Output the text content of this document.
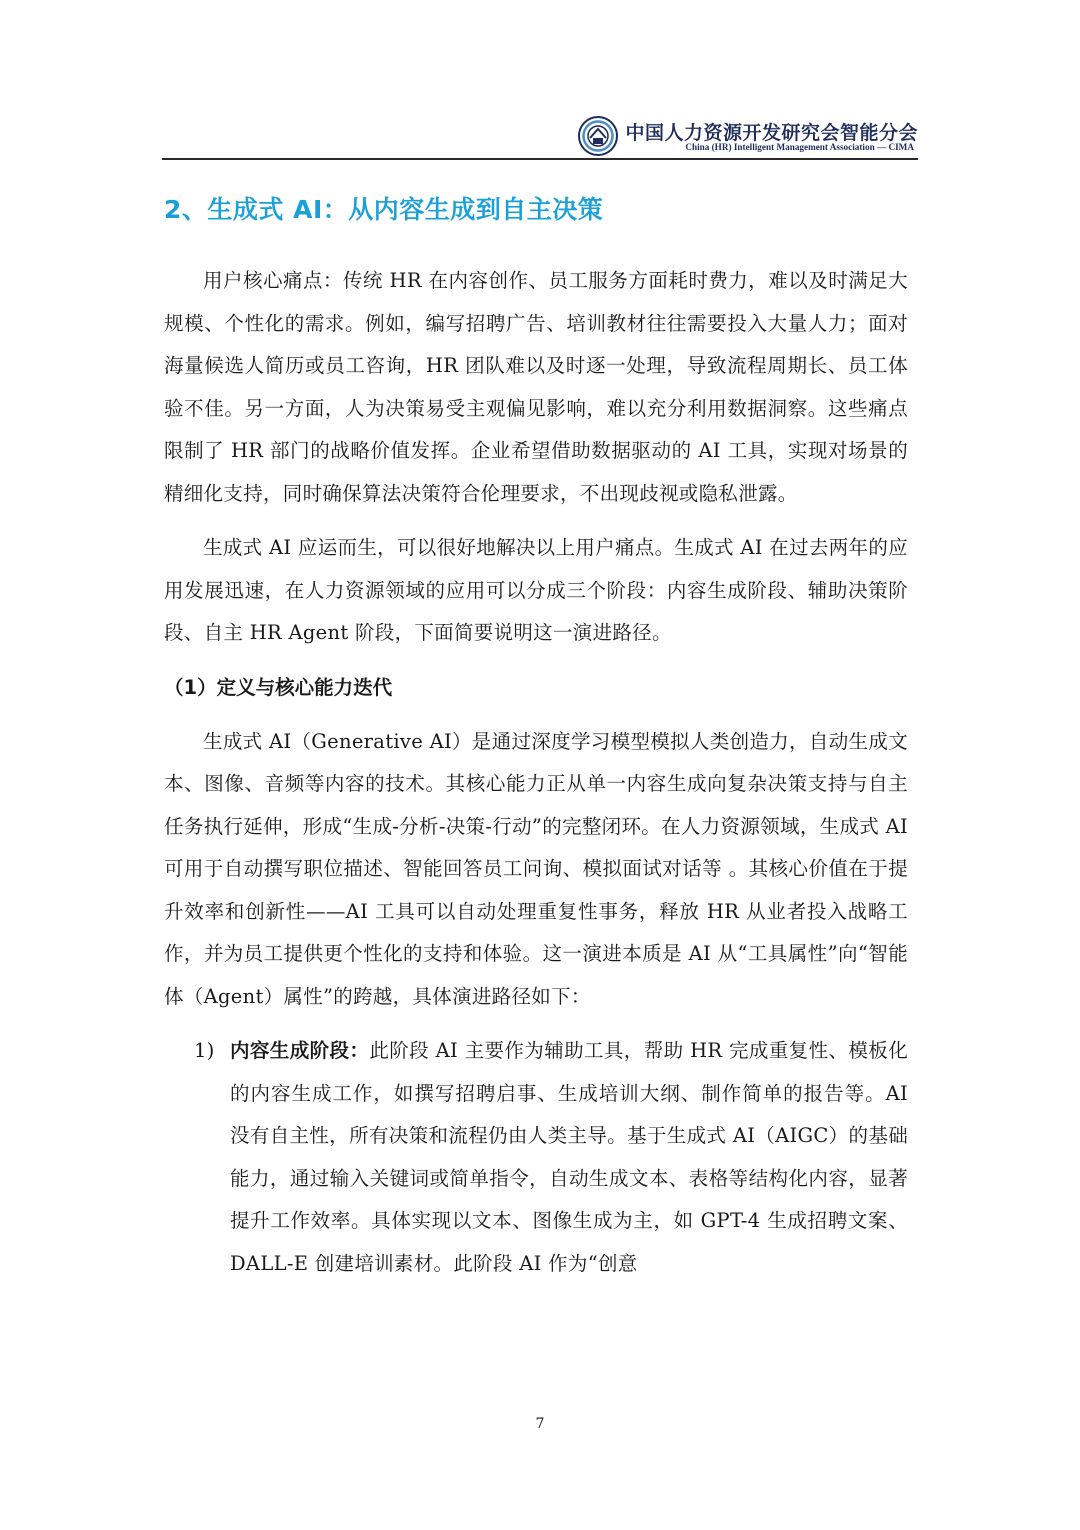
中国人力资源开发研究会智能分会
China (HR) Intelligent Management Association — CIMA
2、生成式 AI：从内容生成到自主决策

用户核心痛点：传统 HR 在内容创作、员工服务方面耗时费力，难以及时满足大规模、个性化的需求。例如，编写招聘广告、培训教材往往需要投入大量人力；面对海量候选人简历或员工咨询，HR 团队难以及时逐一处理，导致流程周期长、员工体验不佳。另一方面，人为决策易受主观偏见影响，难以充分利用数据洞察。这些痛点限制了 HR 部门的战略价值发挥。企业希望借助数据驱动的 AI 工具，实现对场景的精细化支持，同时确保算法决策符合伦理要求，不出现歧视或隐私泄露。

生成式 AI 应运而生，可以很好地解决以上用户痛点。生成式 AI 在过去两年的应用发展迅速，在人力资源领域的应用可以分成三个阶段：内容生成阶段、辅助决策阶段、自主 HR Agent 阶段，下面简要说明这一演进路径。

（1）定义与核心能力迭代

生成式 AI（Generative AI）是通过深度学习模型模拟人类创造力，自动生成文本、图像、音频等内容的技术。其核心能力正从单一内容生成向复杂决策支持与自主任务执行延伸，形成“生成-分析-决策-行动”的完整闭环。在人力资源领域，生成式 AI 可用于自动撰写职位描述、智能回答员工问询、模拟面试对话等 。其核心价值在于提升效率和创新性——AI 工具可以自动处理重复性事务，释放 HR 从业者投入战略工作，并为员工提供更个性化的支持和体验。这一演进本质是 AI 从“工具属性”向“智能体（Agent）属性”的跨越，具体演进路径如下：

1) 内容生成阶段：此阶段 AI 主要作为辅助工具，帮助 HR 完成重复性、模板化的内容生成工作，如撰写招聘启事、生成培训大纲、制作简单的报告等。AI 没有自主性，所有决策和流程仍由人类主导。基于生成式 AI（AIGC）的基础能力，通过输入关键词或简单指令，自动生成文本、表格等结构化内容，显著提升工作效率。具体实现以文本、图像生成为主，如 GPT-4 生成招聘文案、DALL-E 创建培训素材。此阶段 AI 作为“创意
7
